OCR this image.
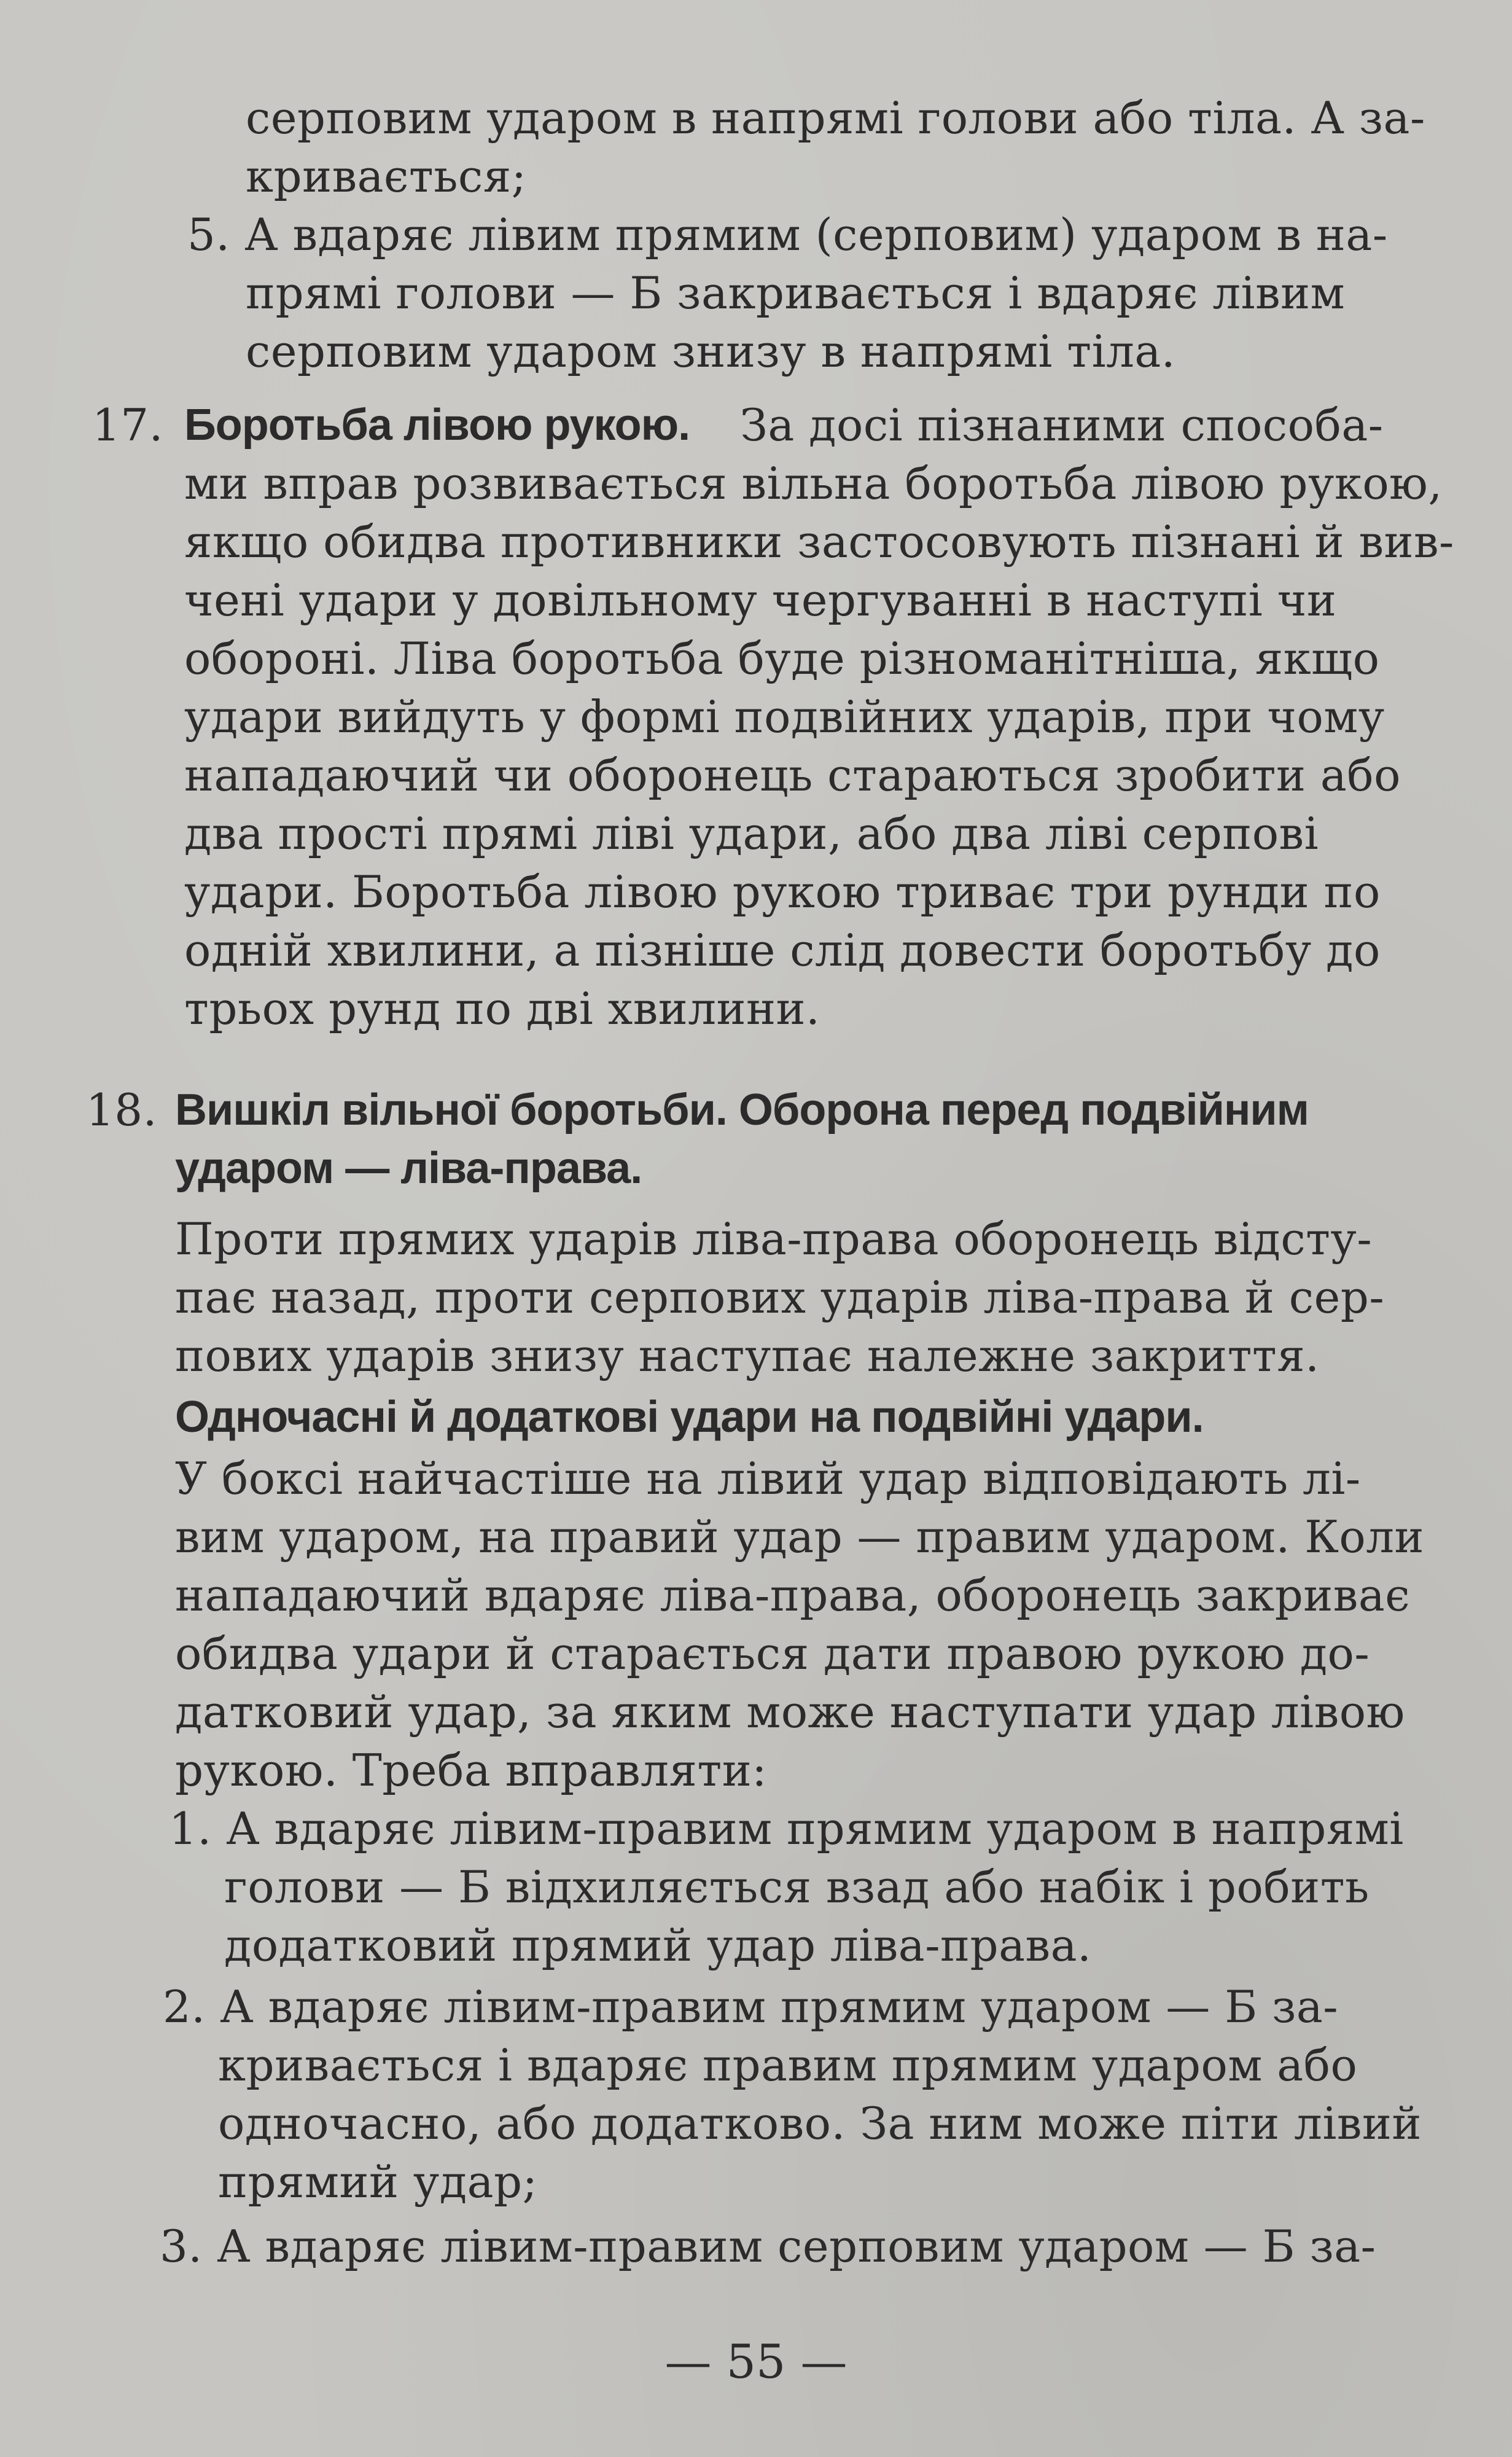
серповим ударом в напрямі голови або тіла. А за-
кривається;
5. А вдаряє лівим прямим (серповим) ударом в на-
прямі голови — Б закривається і вдаряє лівим
серповим ударом знизу в напрямі тіла.
17. Боротьба лівою рукою. За досі пізнаними способа-
ми вправ розвивається вільна боротьба лівою рукою,
якщо обидва противники застосовують пізнані й вив-
чені удари у довільному чергуванні в наступі чи
обороні. Ліва боротьба буде різноманітніша, якщо
удари вийдуть у формі подвійних ударів, при чому
нападаючий чи оборонець стараються зробити або
два прості прямі ліві удари, або два ліві серпові
удари. Боротьба лівою рукою триває три рунди по
одній хвилини, а пізніше слід довести боротьбу до
трьох рунд по дві хвилини.
18. Вишкіл вільної боротьби. Оборона перед подвійним
ударом — ліва-права.
Проти прямих ударів ліва-права оборонець відсту-
пає назад, проти серпових ударів ліва-права й сер-
пових ударів знизу наступає належне закриття.
Одночасні й додаткові удари на подвійні удари.
У боксі найчастіше на лівий удар відповідають лі-
вим ударом, на правий удар — правим ударом. Коли
нападаючий вдаряє ліва-права, оборонець закриває
обидва удари й старається дати правою рукою до-
датковий удар, за яким може наступати удар лівою
рукою. Треба вправляти:
1. А вдаряє лівим-правим прямим ударом в напрямі
голови — Б відхиляється взад або набік і робить
додатковий прямий удар ліва-права.
2. А вдаряє лівим-правим прямим ударом — Б за-
кривається і вдаряє правим прямим ударом або
одночасно, або додатково. За ним може піти лівий
прямий удар;
3. А вдаряє лівим-правим серповим ударом — Б за-
— 55 —
